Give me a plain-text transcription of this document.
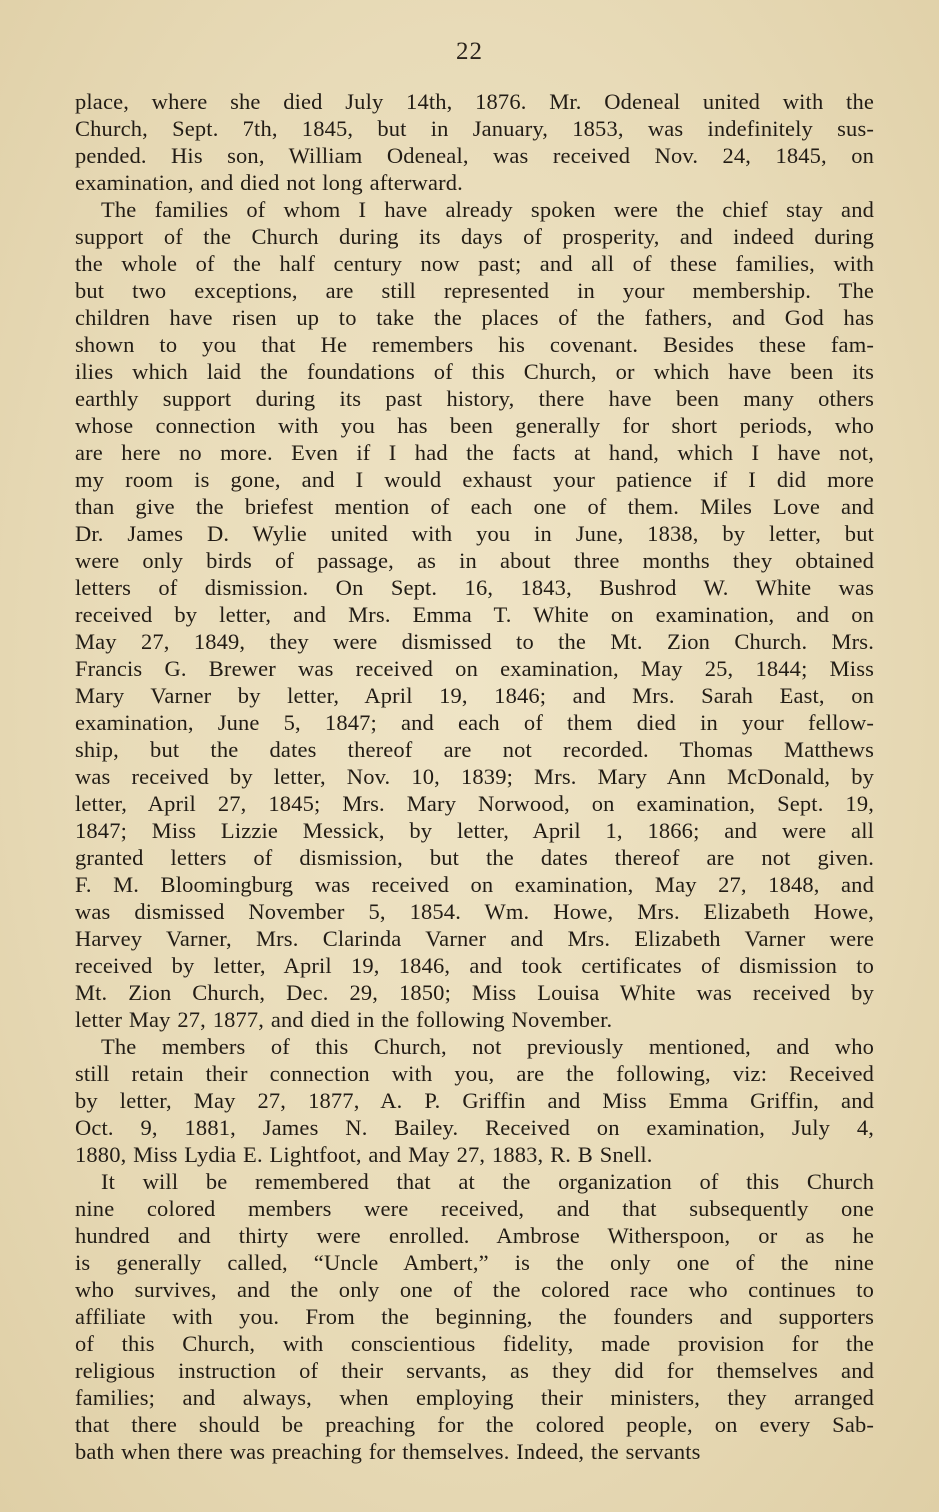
22
place, where she died July 14th, 1876. Mr. Odeneal united with the
Church, Sept. 7th, 1845, but in January, 1853, was indefinitely sus-
pended. His son, William Odeneal, was received Nov. 24, 1845, on
examination, and died not long afterward.
The families of whom I have already spoken were the chief stay and
support of the Church during its days of prosperity, and indeed during
the whole of the half century now past; and all of these families, with
but two exceptions, are still represented in your membership. The
children have risen up to take the places of the fathers, and God has
shown to you that He remembers his covenant. Besides these fam-
ilies which laid the foundations of this Church, or which have been its
earthly support during its past history, there have been many others
whose connection with you has been generally for short periods, who
are here no more. Even if I had the facts at hand, which I have not,
my room is gone, and I would exhaust your patience if I did more
than give the briefest mention of each one of them. Miles Love and
Dr. James D. Wylie united with you in June, 1838, by letter, but
were only birds of passage, as in about three months they obtained
letters of dismission. On Sept. 16, 1843, Bushrod W. White was
received by letter, and Mrs. Emma T. White on examination, and on
May 27, 1849, they were dismissed to the Mt. Zion Church. Mrs.
Francis G. Brewer was received on examination, May 25, 1844; Miss
Mary Varner by letter, April 19, 1846; and Mrs. Sarah East, on
examination, June 5, 1847; and each of them died in your fellow-
ship, but the dates thereof are not recorded. Thomas Matthews
was received by letter, Nov. 10, 1839; Mrs. Mary Ann McDonald, by
letter, April 27, 1845; Mrs. Mary Norwood, on examination, Sept. 19,
1847; Miss Lizzie Messick, by letter, April 1, 1866; and were all
granted letters of dismission, but the dates thereof are not given.
F. M. Bloomingburg was received on examination, May 27, 1848, and
was dismissed November 5, 1854. Wm. Howe, Mrs. Elizabeth Howe,
Harvey Varner, Mrs. Clarinda Varner and Mrs. Elizabeth Varner were
received by letter, April 19, 1846, and took certificates of dismission to
Mt. Zion Church, Dec. 29, 1850; Miss Louisa White was received by
letter May 27, 1877, and died in the following November.
The members of this Church, not previously mentioned, and who
still retain their connection with you, are the following, viz: Received
by letter, May 27, 1877, A. P. Griffin and Miss Emma Griffin, and
Oct. 9, 1881, James N. Bailey. Received on examination, July 4,
1880, Miss Lydia E. Lightfoot, and May 27, 1883, R. B Snell.
It will be remembered that at the organization of this Church
nine colored members were received, and that subsequently one
hundred and thirty were enrolled. Ambrose Witherspoon, or as he
is generally called, “Uncle Ambert,” is the only one of the nine
who survives, and the only one of the colored race who continues to
affiliate with you. From the beginning, the founders and supporters
of this Church, with conscientious fidelity, made provision for the
religious instruction of their servants, as they did for themselves and
families; and always, when employing their ministers, they arranged
that there should be preaching for the colored people, on every Sab-
bath when there was preaching for themselves. Indeed, the servants
